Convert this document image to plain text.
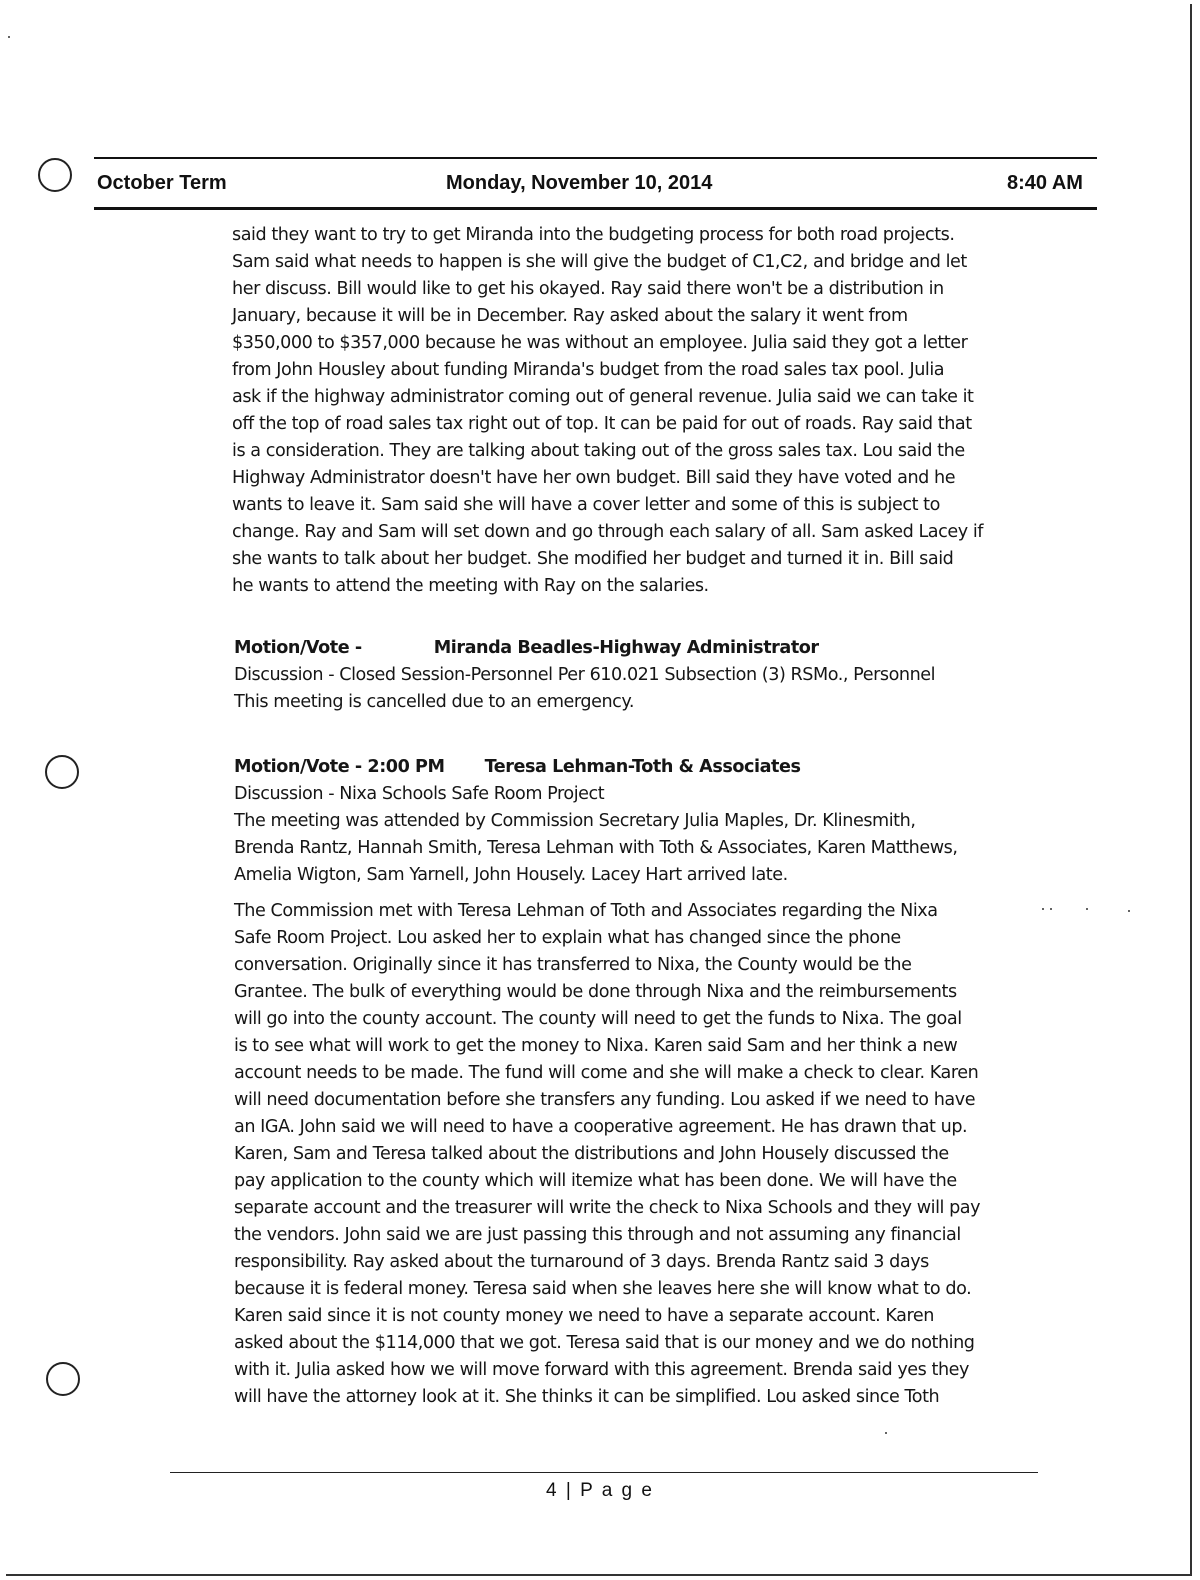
October Term	Monday, November 10, 2014	8:40 AM
said they want to try to get Miranda into the budgeting process for both road projects.
Sam said what needs to happen is she will give the budget of C1,C2, and bridge and let
her discuss. Bill would like to get his okayed. Ray said there won't be a distribution in
January, because it will be in December. Ray asked about the salary it went from
$350,000 to $357,000 because he was without an employee. Julia said they got a letter
from John Housley about funding Miranda's budget from the road sales tax pool. Julia
ask if the highway administrator coming out of general revenue. Julia said we can take it
off the top of road sales tax right out of top. It can be paid for out of roads. Ray said that
is a consideration. They are talking about taking out of the gross sales tax. Lou said the
Highway Administrator doesn't have her own budget. Bill said they have voted and he
wants to leave it. Sam said she will have a cover letter and some of this is subject to
change. Ray and Sam will set down and go through each salary of all. Sam asked Lacey if
she wants to talk about her budget. She modified her budget and turned it in. Bill said
he wants to attend the meeting with Ray on the salaries.
Motion/Vote -	Miranda Beadles-Highway Administrator
Discussion - Closed Session-Personnel Per 610.021 Subsection (3) RSMo., Personnel
This meeting is cancelled due to an emergency.
Motion/Vote - 2:00 PM Teresa Lehman-Toth & Associates
Discussion - Nixa Schools Safe Room Project
The meeting was attended by Commission Secretary Julia Maples, Dr. Klinesmith,
Brenda Rantz, Hannah Smith, Teresa Lehman with Toth & Associates, Karen Matthews,
Amelia Wigton, Sam Yarnell, John Housely. Lacey Hart arrived late.
The Commission met with Teresa Lehman of Toth and Associates regarding the Nixa
Safe Room Project. Lou asked her to explain what has changed since the phone
conversation. Originally since it has transferred to Nixa, the County would be the
Grantee. The bulk of everything would be done through Nixa and the reimbursements
will go into the county account. The county will need to get the funds to Nixa. The goal
is to see what will work to get the money to Nixa. Karen said Sam and her think a new
account needs to be made. The fund will come and she will make a check to clear. Karen
will need documentation before she transfers any funding. Lou asked if we need to have
an IGA. John said we will need to have a cooperative agreement. He has drawn that up.
Karen, Sam and Teresa talked about the distributions and John Housely discussed the
pay application to the county which will itemize what has been done. We will have the
separate account and the treasurer will write the check to Nixa Schools and they will pay
the vendors. John said we are just passing this through and not assuming any financial
responsibility. Ray asked about the turnaround of 3 days. Brenda Rantz said 3 days
because it is federal money. Teresa said when she leaves here she will know what to do.
Karen said since it is not county money we need to have a separate account. Karen
asked about the $114,000 that we got. Teresa said that is our money and we do nothing
with it. Julia asked how we will move forward with this agreement. Brenda said yes they
will have the attorney look at it. She thinks it can be simplified. Lou asked since Toth
4 | P a g e
